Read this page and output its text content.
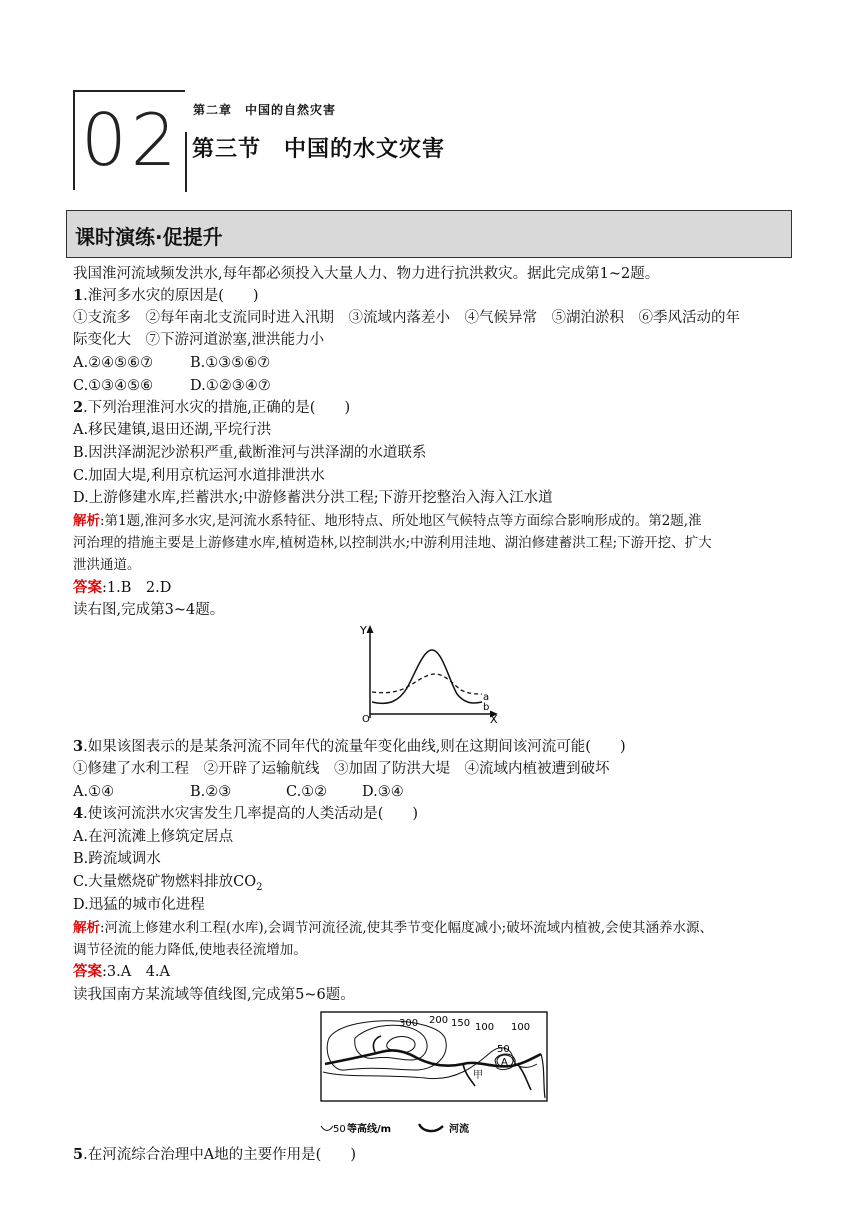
02 第二章　中国的自然灾害
第三节　中国的水文灾害
课时演练·促提升
我国淮河流域频发洪水,每年都必须投入大量人力、物力进行抗洪救灾。据此完成第1~2题。
1.淮河多水灾的原因是(　　)
①支流多　②每年南北支流同时进入汛期　③流域内落差小　④气候异常　⑤湖泊淤积　⑥季风活动的年
际变化大　⑦下游河道淤塞,泄洪能力小
A.②④⑤⑥⑦	B.①③⑤⑥⑦
C.①③④⑤⑥	D.①②③④⑦
2.下列治理淮河水灾的措施,正确的是(　　)
A.移民建镇,退田还湖,平垸行洪
B.因洪泽湖泥沙淤积严重,截断淮河与洪泽湖的水道联系
C.加固大堤,利用京杭运河水道排泄洪水
D.上游修建水库,拦蓄洪水;中游修蓄洪分洪工程;下游开挖整治入海入江水道
解析:第1题,淮河多水灾,是河流水系特征、地形特点、所处地区气候特点等方面综合影响形成的。第2题,淮
河治理的措施主要是上游修建水库,植树造林,以控制洪水;中游利用洼地、湖泊修建蓄洪工程;下游开挖、扩大
泄洪通道。
答案:1.B　2.D
读右图,完成第3~4题。
Y
X
O
a
b
3.如果该图表示的是某条河流不同年代的流量年变化曲线,则在这期间该河流可能(　　)
①修建了水利工程　②开辟了运输航线　③加固了防洪大堤　④流域内植被遭到破坏
A.①④	B.②③	C.①② D.③④
4.使该河流洪水灾害发生几率提高的人类活动是(　　)
A.在河流滩上修筑定居点
B.跨流域调水
C.大量燃烧矿物燃料排放$CO_2$
D.迅猛的城市化进程
解析:河流上修建水利工程(水库),会调节河流径流,使其季节变化幅度减小;破坏流域内植被,会使其涵养水源、
调节径流的能力降低,使地表径流增加。
答案:3.A　4.A
读我国南方某流域等值线图,完成第5~6题。
A
甲
300 200 150 100 100
50
50 等高线/m	河流
5.在河流综合治理中A地的主要作用是(　　)
